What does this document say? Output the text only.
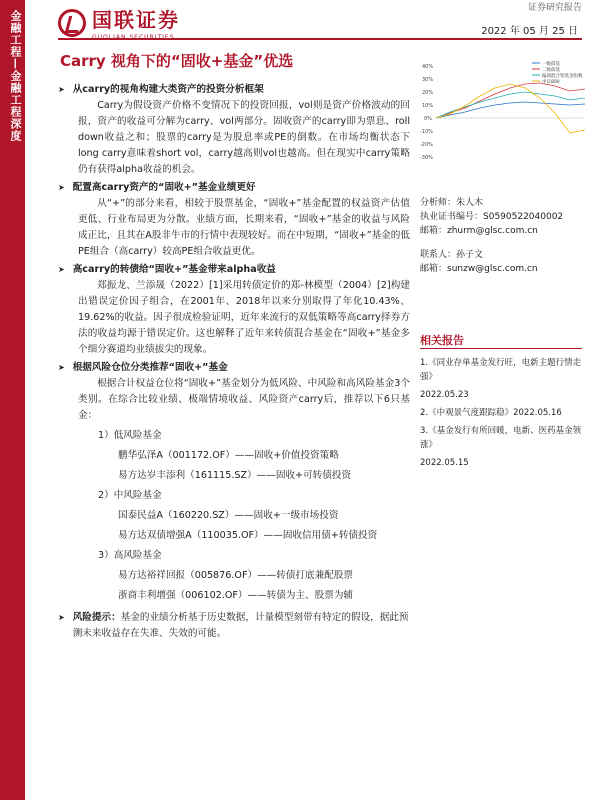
金融工程—金融工程深度	国联证券	证券研究报告
2022 年 05 月 25 日
Carry 视角下的“固收+基金”优选
➤ 从carry的视角构建大类资产的投资分析框架
Carry为假设资产价格不变情况下的投资回报，vol则是资产价格波动的回报，资产的收益可分解为carry、vol两部分。固收资产的carry即为票息、roll down收益之和；股票的carry是为股息率或PE的倒数。在市场均衡状态下long carry意味着short vol，carry越高则vol也越高。但在现实中carry策略仍有获得alpha收益的机会。
➤ 配置高carry资产的“固收+”基金业绩更好
从“+”的部分来看，相较于股票基金，“固收+”基金配置的权益资产估值更低、行业布局更为分散。业绩方面，长期来看，“固收+”基金的收益与风险成正比，且其在A股非牛市的行情中表现较好。而在中短期，“固收+”基金的低PE组合（高carry）较高PE组合收益更优。
➤ 高carry的转债给“固收+”基金带来alpha收益
郑振龙、兰添晟（2022）[1]采用转债定价的郑-林模型（2004）[2]构建出错误定价因子组合，在2001年、2018年以来分别取得了年化10.43%、19.62%的收益。因子很成检验证明，近年来流行的双低策略等高carry择券方法的收益均源于错误定价。这也解释了近年来转债混合基金在“固收+”基金多个细分赛道均业绩拔尖的现象。
➤ 根据风险仓位分类推荐“固收+”基金
根据合计权益仓位将“固收+”基金划分为低风险、中风险和高风险基金3个类别。在综合比较业绩、极端情境收益、风险资产carry后，推荐以下6只基金：
1）低风险基金
鹏华弘泽A（001172.OF）——固收+价值投资策略
易方达岁丰添利（161115.SZ）——固收+可转债投资
2）中风险基金
国泰民益A（160220.SZ）——固收+一级市场投资
易方达双债增强A（110035.OF）——固收信用债+转债投资
3）高风险基金
易方达裕祥回报（005876.OF）——转债打底兼配股票
浙商丰利增强（006102.OF）——转债为主、股票为辅
➤ 风险提示：基金的业绩分析基于历史数据，计量模型刻带有特定的假设，据此预测未来收益存在失准、失效的可能。
40%
30%
20%
10%
0%
-10%
-20%
-30%
一级债基
二级债基
偏债混合型基金指数
中证800
分析师：朱人木
执业证书编号：S0590522040002
邮箱：zhurm@glsc.com.cn
联系人：孙子文
邮箱：sunzw@glsc.com.cn
相关报告
1.《同业存单基金发行旺，电新主题行情走强》
2022.05.23
2.《中观景气度跟踪稳》2022.05.16
3.《基金发行有所回暖，电新、医药基金领涨》
2022.05.15
